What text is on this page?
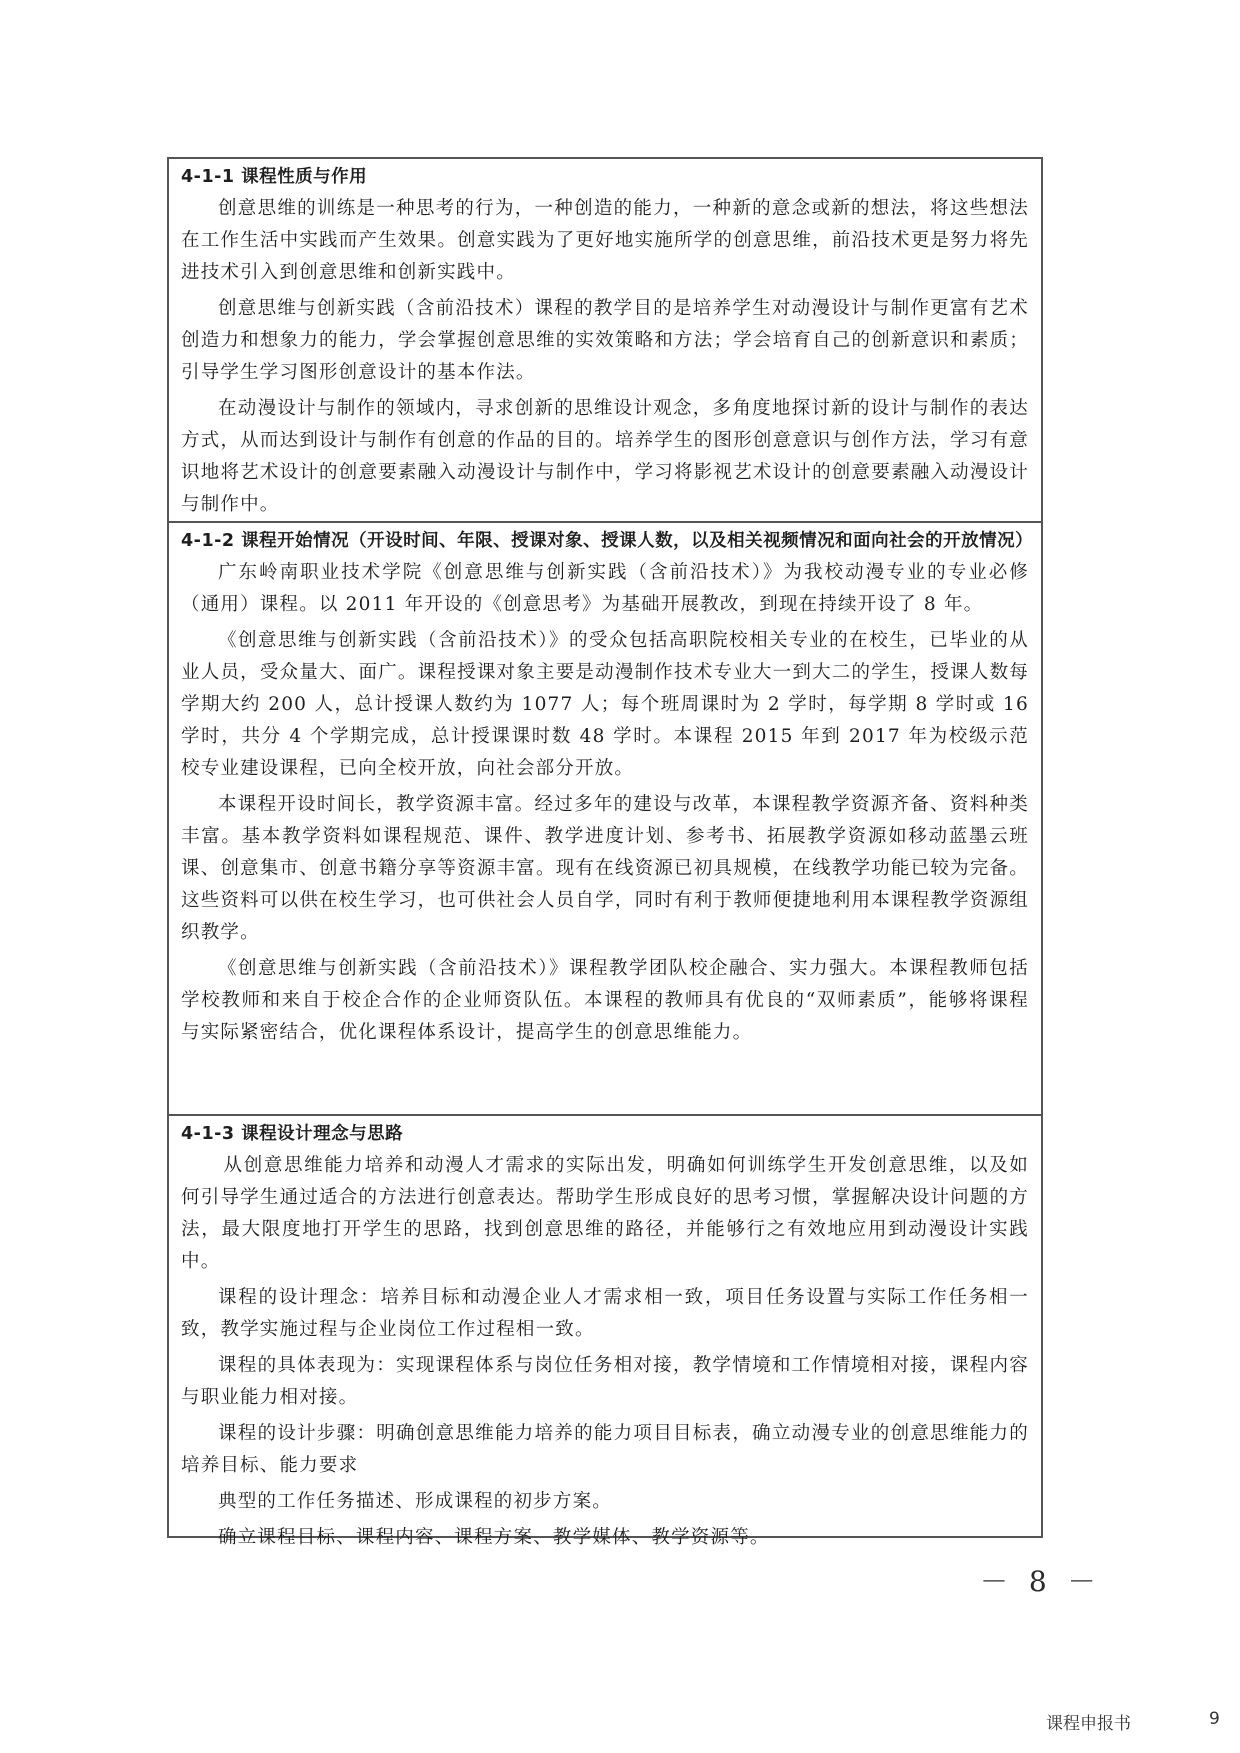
4-1-1 课程性质与作用

创意思维的训练是一种思考的行为，一种创造的能力，一种新的意念或新的想法，将这些想法在工作生活中实践而产生效果。创意实践为了更好地实施所学的创意思维，前沿技术更是努力将先进技术引入到创意思维和创新实践中。

创意思维与创新实践（含前沿技术）课程的教学目的是培养学生对动漫设计与制作更富有艺术创造力和想象力的能力，学会掌握创意思维的实效策略和方法；学会培育自己的创新意识和素质；引导学生学习图形创意设计的基本作法。

在动漫设计与制作的领域内，寻求创新的思维设计观念，多角度地探讨新的设计与制作的表达方式，从而达到设计与制作有创意的作品的目的。培养学生的图形创意意识与创作方法，学习有意识地将艺术设计的创意要素融入动漫设计与制作中，学习将影视艺术设计的创意要素融入动漫设计与制作中。

4-1-2 课程开始情况（开设时间、年限、授课对象、授课人数，以及相关视频情况和面向社会的开放情况）

广东岭南职业技术学院《创意思维与创新实践（含前沿技术）》为我校动漫专业的专业必修（通用）课程。以 2011 年开设的《创意思考》为基础开展教改，到现在持续开设了 8 年。

《创意思维与创新实践（含前沿技术）》的受众包括高职院校相关专业的在校生，已毕业的从业人员，受众量大、面广。课程授课对象主要是动漫制作技术专业大一到大二的学生，授课人数每学期大约 200 人，总计授课人数约为 1077 人；每个班周课时为 2 学时，每学期 8 学时或 16 学时，共分 4 个学期完成，总计授课课时数 48 学时。本课程 2015 年到 2017 年为校级示范校专业建设课程，已向全校开放，向社会部分开放。

本课程开设时间长，教学资源丰富。经过多年的建设与改革，本课程教学资源齐备、资料种类丰富。基本教学资料如课程规范、课件、教学进度计划、参考书、拓展教学资源如移动蓝墨云班课、创意集市、创意书籍分享等资源丰富。现有在线资源已初具规模，在线教学功能已较为完备。这些资料可以供在校生学习，也可供社会人员自学，同时有利于教师便捷地利用本课程教学资源组织教学。

《创意思维与创新实践（含前沿技术）》课程教学团队校企融合、实力强大。本课程教师包括学校教师和来自于校企合作的企业师资队伍。本课程的教师具有优良的“双师素质”，能够将课程与实际紧密结合，优化课程体系设计，提高学生的创意思维能力。

4-1-3 课程设计理念与思路

从创意思维能力培养和动漫人才需求的实际出发，明确如何训练学生开发创意思维，以及如何引导学生通过适合的方法进行创意表达。帮助学生形成良好的思考习惯，掌握解决设计问题的方法，最大限度地打开学生的思路，找到创意思维的路径，并能够行之有效地应用到动漫设计实践中。

课程的设计理念：培养目标和动漫企业人才需求相一致，项目任务设置与实际工作任务相一致，教学实施过程与企业岗位工作过程相一致。

课程的具体表现为：实现课程体系与岗位任务相对接，教学情境和工作情境相对接，课程内容与职业能力相对接。

课程的设计步骤：明确创意思维能力培养的能力项目目标表，确立动漫专业的创意思维能力的培养目标、能力要求

典型的工作任务描述、形成课程的初步方案。

确立课程目标、课程内容、课程方案、教学媒体、教学资源等。

－ 8 －
课程申报书	9
